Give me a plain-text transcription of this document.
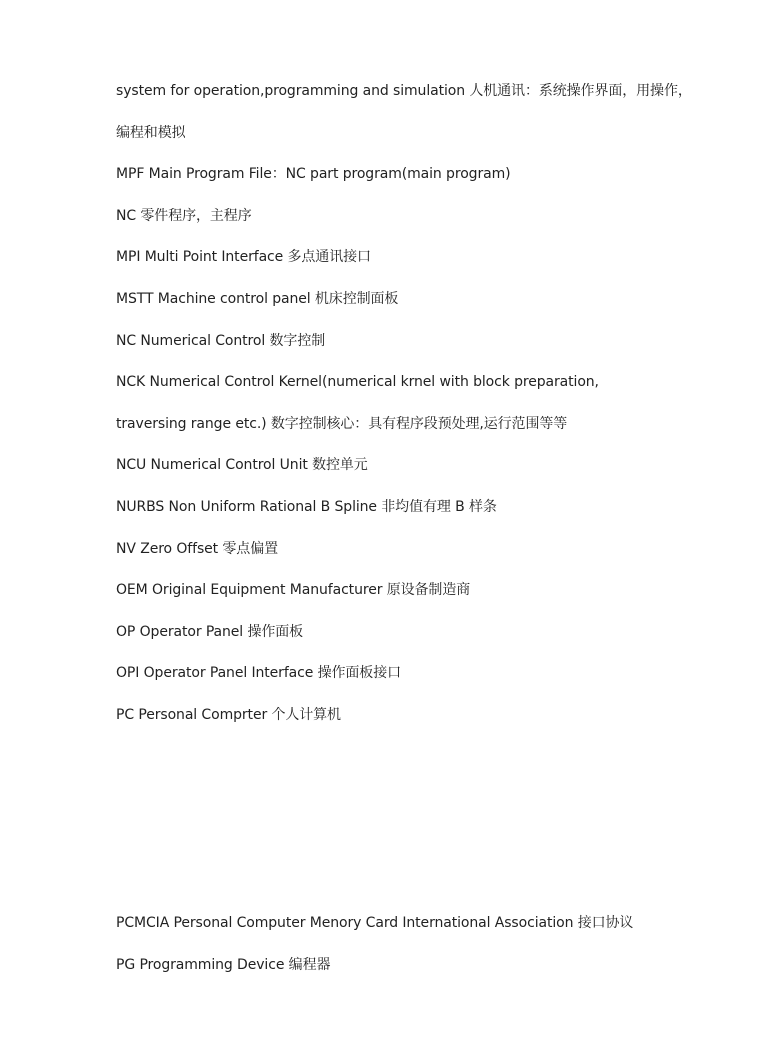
system for operation,programming and simulation 人机通讯：系统操作界面，用操作，
编程和模拟
MPF Main Program File：NC part program(main program)
NC 零件程序，主程序
MPI Multi Point Interface 多点通讯接口
MSTT Machine control panel 机床控制面板
NC Numerical Control 数字控制
NCK Numerical Control Kernel(numerical krnel with block preparation,
traversing range etc.) 数字控制核心：具有程序段预处理,运行范围等等
NCU Numerical Control Unit 数控单元
NURBS Non Uniform Rational B Spline 非均值有理 B 样条
NV Zero Offset 零点偏置
OEM Original Equipment Manufacturer 原设备制造商
OP Operator Panel 操作面板
OPI Operator Panel Interface 操作面板接口
PC Personal Comprter 个人计算机
PCMCIA Personal Computer Menory Card International Association 接口协议
PG Programming Device 编程器
